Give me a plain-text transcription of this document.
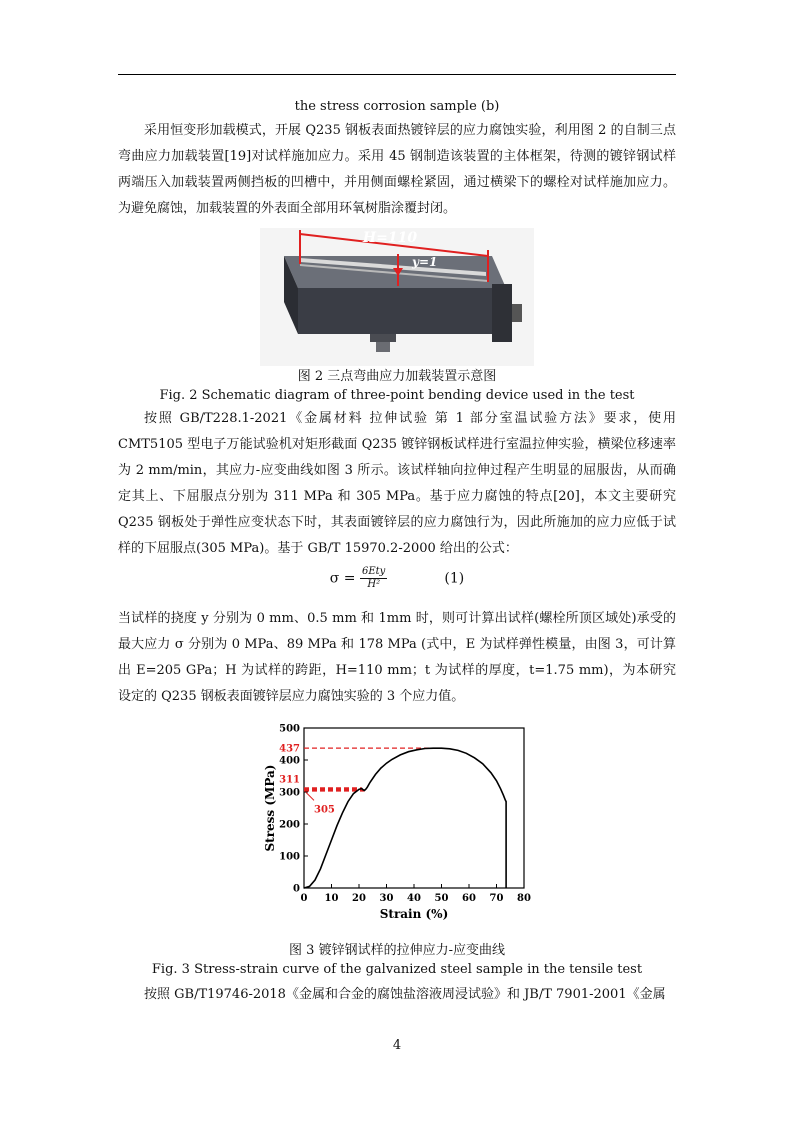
the stress corrosion sample (b)

采用恒变形加载模式，开展 Q235 钢板表面热镀锌层的应力腐蚀实验，利用图 2 的自制三点弯曲应力加载装置[19]对试样施加应力。采用 45 钢制造该装置的主体框架，待测的镀锌钢试样两端压入加载装置两侧挡板的凹槽中，并用侧面螺栓紧固，通过横梁下的螺栓对试样施加应力。为避免腐蚀，加载装置的外表面全部用环氧树脂涂覆封闭。

H=110
y=1
图 2 三点弯曲应力加载装置示意图
Fig. 2 Schematic diagram of three-point bending device used in the test

按照 GB/T228.1-2021《金属材料 拉伸试验 第 1 部分室温试验方法》要求，使用 CMT5105 型电子万能试验机对矩形截面 Q235 镀锌钢板试样进行室温拉伸实验，横梁位移速率为 2 mm/min，其应力-应变曲线如图 3 所示。该试样轴向拉伸过程产生明显的屈服齿，从而确定其上、下屈服点分别为 311 MPa 和 305 MPa。基于应力腐蚀的特点[20]，本文主要研究 Q235 钢板处于弹性应变状态下时，其表面镀锌层的应力腐蚀行为，因此所施加的应力应低于试样的下屈服点(305 MPa)。基于 GB/T 15970.2-2000 给出的公式：

σ = 6Etу
H²	(1)

当试样的挠度 y 分别为 0 mm、0.5 mm 和 1mm 时，则可计算出试样(螺栓所顶区域处)承受的最大应力 σ 分别为 0 MPa、89 MPa 和 178 MPa (式中，E 为试样弹性模量，由图 3，可计算出 E=205 GPa；H 为试样的跨距，H=110 mm；t 为试样的厚度，t=1.75 mm)，为本研究设定的 Q235 钢板表面镀锌层应力腐蚀实验的 3 个应力值。

0 10 20 30 40 50 60 70 80
0
100
200
300
400
500
Strain (%)
Stress (MPa)
437
311
305
图 3 镀锌钢试样的拉伸应力-应变曲线
Fig. 3 Stress-strain curve of the galvanized steel sample in the tensile test

按照 GB/T19746-2018《金属和合金的腐蚀盐溶液周浸试验》和 JB/T 7901-2001《金属

4
